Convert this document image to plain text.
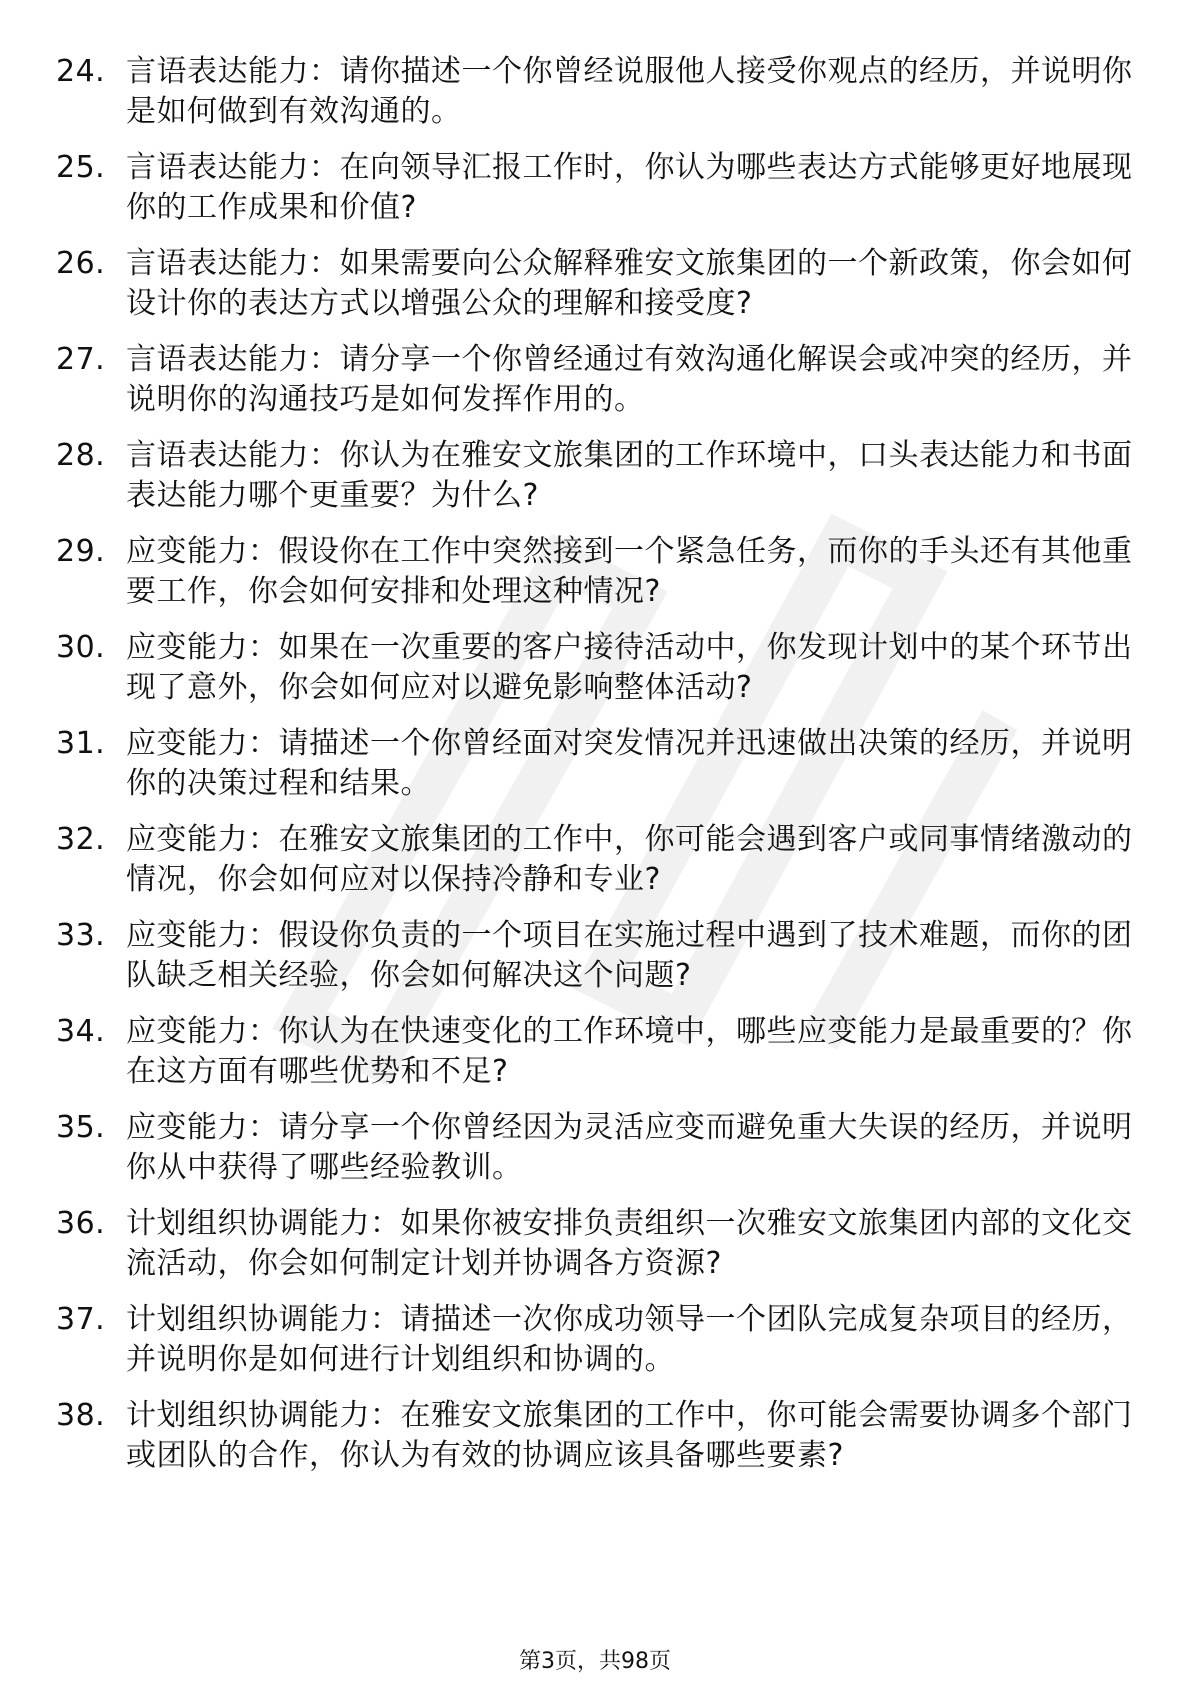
24. 言语表达能力：请你描述一个你曾经说服他人接受你观点的经历，并说明你是如何做到有效沟通的。
25. 言语表达能力：在向领导汇报工作时，你认为哪些表达方式能够更好地展现你的工作成果和价值?
26. 言语表达能力：如果需要向公众解释雅安文旅集团的一个新政策，你会如何设计你的表达方式以增强公众的理解和接受度?
27. 言语表达能力：请分享一个你曾经通过有效沟通化解误会或冲突的经历，并说明你的沟通技巧是如何发挥作用的。
28. 言语表达能力：你认为在雅安文旅集团的工作环境中，口头表达能力和书面表达能力哪个更重要？为什么?
29. 应变能力：假设你在工作中突然接到一个紧急任务，而你的手头还有其他重要工作，你会如何安排和处理这种情况?
30. 应变能力：如果在一次重要的客户接待活动中，你发现计划中的某个环节出现了意外，你会如何应对以避免影响整体活动?
31. 应变能力：请描述一个你曾经面对突发情况并迅速做出决策的经历，并说明你的决策过程和结果。
32. 应变能力：在雅安文旅集团的工作中，你可能会遇到客户或同事情绪激动的情况，你会如何应对以保持冷静和专业?
33. 应变能力：假设你负责的一个项目在实施过程中遇到了技术难题，而你的团队缺乏相关经验，你会如何解决这个问题?
34. 应变能力：你认为在快速变化的工作环境中，哪些应变能力是最重要的？你在这方面有哪些优势和不足?
35. 应变能力：请分享一个你曾经因为灵活应变而避免重大失误的经历，并说明你从中获得了哪些经验教训。
36. 计划组织协调能力：如果你被安排负责组织一次雅安文旅集团内部的文化交流活动，你会如何制定计划并协调各方资源?
37. 计划组织协调能力：请描述一次你成功领导一个团队完成复杂项目的经历，并说明你是如何进行计划组织和协调的。
38. 计划组织协调能力：在雅安文旅集团的工作中，你可能会需要协调多个部门或团队的合作，你认为有效的协调应该具备哪些要素?
第3页，共98页
